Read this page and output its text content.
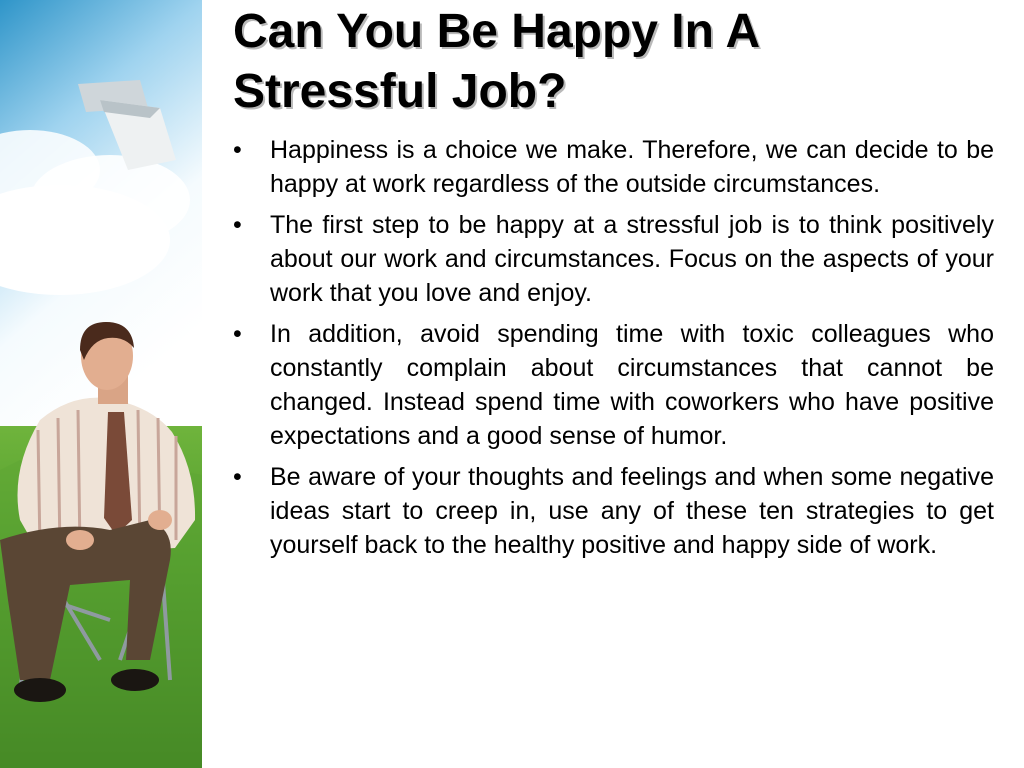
Can You Be Happy In A
Stressful Job?
•	Happiness is a choice we make. Therefore, we can decide to be happy at work regardless of the outside circumstances.
•	The first step to be happy at a stressful job is to think positively about our work and circumstances. Focus on the aspects of your work that you love and enjoy.
•	In addition, avoid spending time with toxic colleagues who constantly complain about circumstances that cannot be changed. Instead spend time with coworkers who have positive expectations and a good sense of humor.
•	Be aware of your thoughts and feelings and when some negative ideas start to creep in, use any of these ten strategies to get yourself back to the healthy positive and happy side of work.
